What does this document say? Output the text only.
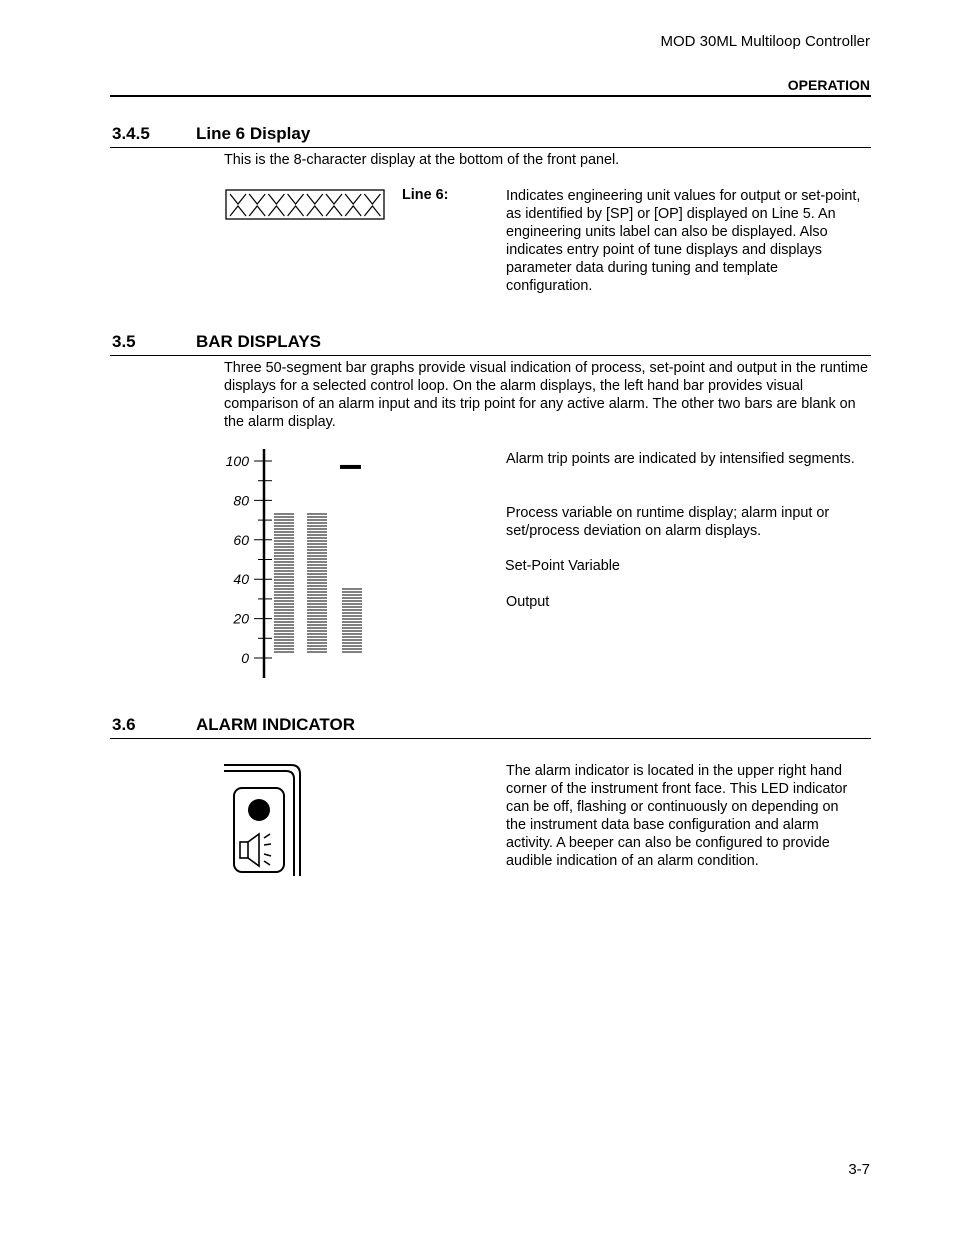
MOD 30ML Multiloop Controller
OPERATION
3.4.5	Line 6 Display
This is the 8-character display at the bottom of the front panel.
Line 6:	Indicates engineering unit values for output or set-point, as identified by [SP] or [OP] displayed on Line 5. An engineering units label can also be displayed. Also indicates entry point of tune displays and displays parameter data during tuning and template configuration.
3.5	BAR DISPLAYS
Three 50-segment bar graphs provide visual indication of process, set-point and output in the runtime displays for a selected control loop. On the alarm displays, the left hand bar provides visual comparison of an alarm input and its trip point for any active alarm. The other two bars are blank on the alarm display.
100
80
60
40
20
0
Alarm trip points are indicated by intensified segments.
Process variable on runtime display; alarm input or set/process deviation on alarm displays.
Set-Point Variable
Output
3.6	ALARM INDICATOR
The alarm indicator is located in the upper right hand corner of the instrument front face. This LED indicator can be off, flashing or continuously on depending on the instrument data base configuration and alarm activity. A beeper can also be configured to provide audible indication of an alarm condition.
3-7
